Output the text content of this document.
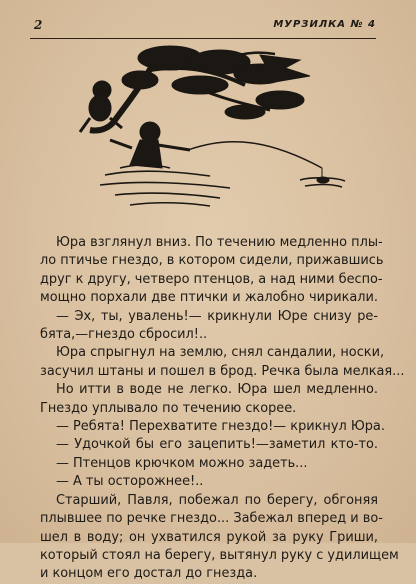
2	МУРЗИЛКА № 4
Юра взглянул вниз. По течению медленно плы-
ло птичье гнездо, в котором сидели, прижавшись
друг к другу, четверо птенцов, а над ними беспо-
мощно порхали две птички и жалобно чирикали.
— Эх, ты, увалень!— крикнули Юре снизу ре-
бята,—гнездо сбросил!..
Юра спрыгнул на землю, снял сандалии, носки,
засучил штаны и пошел в брод. Речка была мелкая...
Но итти в воде не легко. Юра шел медленно.
Гнездо уплывало по течению скорее.
— Ребята! Перехватите гнездо!— крикнул Юра.
— Удочкой бы его зацепить!—заметил кто-то.
— Птенцов крючком можно задеть...
— А ты осторожнее!..
Старший, Павля, побежал по берегу, обгоняя
плывшее по речке гнездо... Забежал вперед и во-
шел в воду; он ухватился рукой за руку Гриши,
который стоял на берегу, вытянул руку с удилищем
и концом его достал до гнезда.
